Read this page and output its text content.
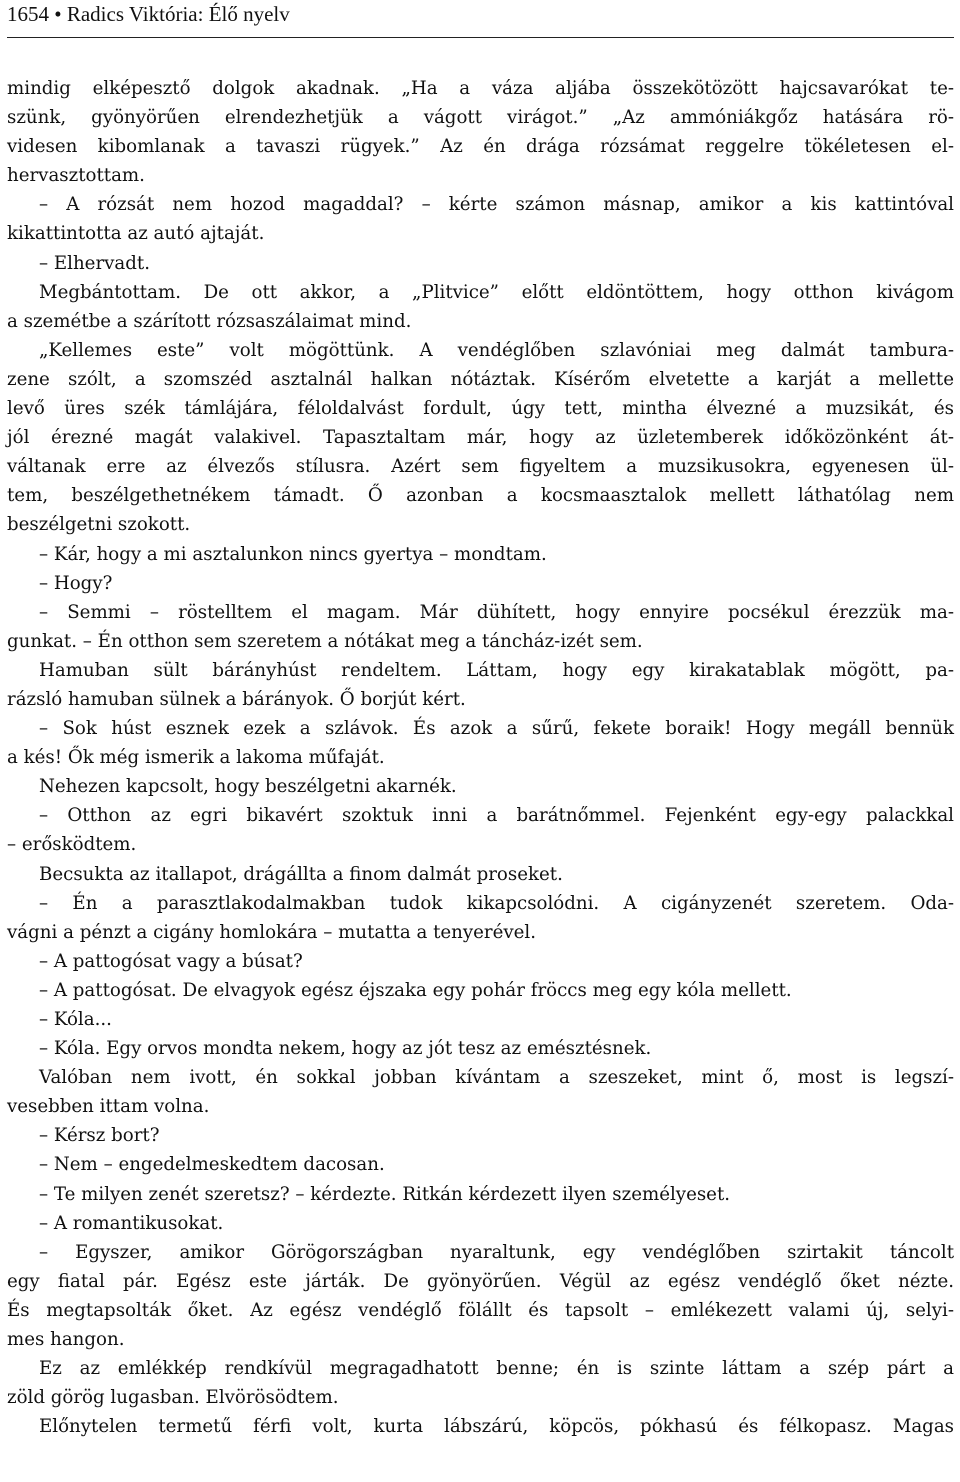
1654 • Radics Viktória: Élő nyelv
mindig elképesztő dolgok akadnak. „Ha a váza aljába összekötözött hajcsavarókat te-
szünk, gyönyörűen elrendezhetjük a vágott virágot.” „Az ammóniákgőz hatására rö-
videsen kibomlanak a tavaszi rügyek.” Az én drága rózsámat reggelre tökéletesen el-
hervasztottam.
– A rózsát nem hozod magaddal? – kérte számon másnap, amikor a kis kattintóval
kikattintotta az autó ajtaját.
– Elhervadt.
Megbántottam. De ott akkor, a „Plitvice” előtt eldöntöttem, hogy otthon kivágom
a szemétbe a szárított rózsaszálaimat mind.
„Kellemes este” volt mögöttünk. A vendéglőben szlavóniai meg dalmát tambura-
zene szólt, a szomszéd asztalnál halkan nótáztak. Kísérőm elvetette a karját a mellette
levő üres szék támlájára, féloldalvást fordult, úgy tett, mintha élvezné a muzsikát, és
jól érezné magát valakivel. Tapasztaltam már, hogy az üzletemberek időközönként át-
váltanak erre az élvezős stílusra. Azért sem figyeltem a muzsikusokra, egyenesen ül-
tem, beszélgethetnékem támadt. Ő azonban a kocsmaasztalok mellett láthatólag nem
beszélgetni szokott.
– Kár, hogy a mi asztalunkon nincs gyertya – mondtam.
– Hogy?
– Semmi – röstelltem el magam. Már dühített, hogy ennyire pocsékul érezzük ma-
gunkat. – Én otthon sem szeretem a nótákat meg a táncház-izét sem.
Hamuban sült bárányhúst rendeltem. Láttam, hogy egy kirakatablak mögött, pa-
rázsló hamuban sülnek a bárányok. Ő borjút kért.
– Sok húst esznek ezek a szlávok. És azok a sűrű, fekete boraik! Hogy megáll bennük
a kés! Ők még ismerik a lakoma műfaját.
Nehezen kapcsolt, hogy beszélgetni akarnék.
– Otthon az egri bikavért szoktuk inni a barátnőmmel. Fejenként egy-egy palackkal
– erősködtem.
Becsukta az itallapot, drágállta a finom dalmát proseket.
– Én a parasztlakodalmakban tudok kikapcsolódni. A cigányzenét szeretem. Oda-
vágni a pénzt a cigány homlokára – mutatta a tenyerével.
– A pattogósat vagy a búsat?
– A pattogósat. De elvagyok egész éjszaka egy pohár fröccs meg egy kóla mellett.
– Kóla...
– Kóla. Egy orvos mondta nekem, hogy az jót tesz az emésztésnek.
Valóban nem ivott, én sokkal jobban kívántam a szeszeket, mint ő, most is legszí-
vesebben ittam volna.
– Kérsz bort?
– Nem – engedelmeskedtem dacosan.
– Te milyen zenét szeretsz? – kérdezte. Ritkán kérdezett ilyen személyeset.
– A romantikusokat.
– Egyszer, amikor Görögországban nyaraltunk, egy vendéglőben szirtakit táncolt
egy fiatal pár. Egész este járták. De gyönyörűen. Végül az egész vendéglő őket nézte.
És megtapsolták őket. Az egész vendéglő fölállt és tapsolt – emlékezett valami új, selyi-
mes hangon.
Ez az emlékkép rendkívül megragadhatott benne; én is szinte láttam a szép párt a
zöld görög lugasban. Elvörösödtem.
Előnytelen termetű férfi volt, kurta lábszárú, köpcös, pókhasú és félkopasz. Magas
